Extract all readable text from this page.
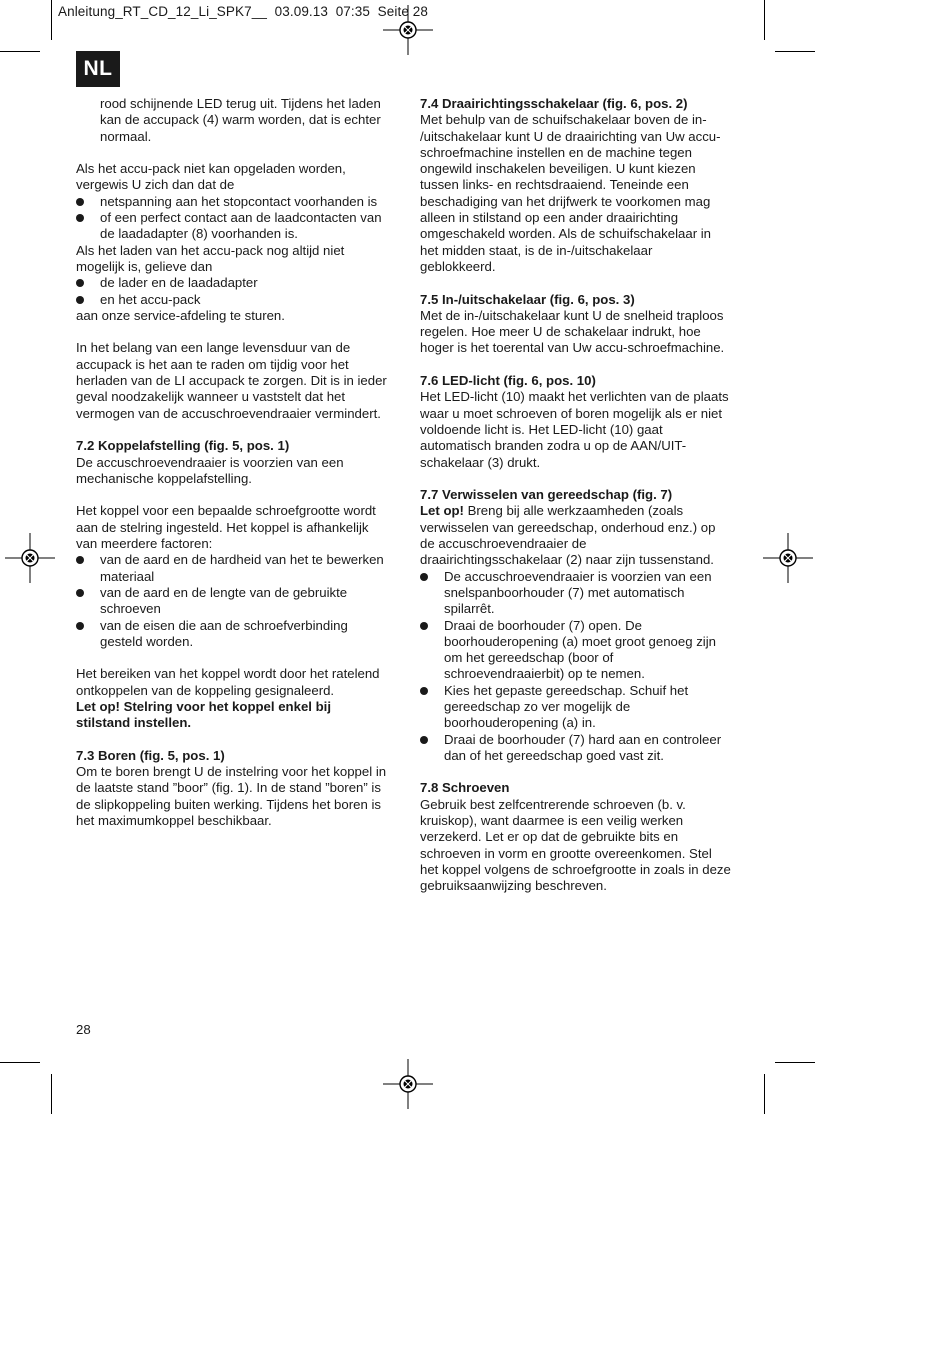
Anleitung_RT_CD_12_Li_SPK7__  03.09.13  07:35  Seite 28
NL

rood schijnende LED terug uit. Tijdens het laden

kan de accupack (4) warm worden, dat is echter

normaal.

Als het accu-pack niet kan opgeladen worden,

vergewis U zich dan dat de

netspanning aan het stopcontact voorhanden is

of een perfect contact aan de laadcontacten van

de laadadapter (8) voorhanden is.

Als het laden van het accu-pack nog altijd niet

mogelijk is, gelieve dan

de lader en de laadadapter

en het accu-pack

aan onze service-afdeling te sturen.

In het belang van een lange levensduur van de

accupack is het aan te raden om tijdig voor het

herladen van de LI accupack te zorgen. Dit is in ieder

geval noodzakelijk wanneer u vaststelt dat het

vermogen van de accuschroevendraaier vermindert.

7.2 Koppelafstelling (fig. 5, pos. 1)

De accuschroevendraaier is voorzien van een

mechanische koppelafstelling.

Het koppel voor een bepaalde schroefgrootte wordt

aan de stelring ingesteld. Het koppel is afhankelijk

van meerdere factoren:

van de aard en de hardheid van het te bewerken

materiaal

van de aard en de lengte van de gebruikte

schroeven

van de eisen die aan de schroefverbinding

gesteld worden.

Het bereiken van het koppel wordt door het ratelend

ontkoppelen van de koppeling gesignaleerd.

Let op! Stelring voor het koppel enkel bij

stilstand instellen.

7.3 Boren (fig. 5, pos. 1)

Om te boren brengt U de instelring voor het koppel in

de laatste stand ”boor” (fig. 1). In de stand ”boren” is

de slipkoppeling buiten werking. Tijdens het boren is

het maximumkoppel beschikbaar.

7.4 Draairichtingsschakelaar (fig. 6, pos. 2)

Met behulp van de schuifschakelaar boven de in-

/uitschakelaar kunt U de draairichting van Uw accu-

schroefmachine instellen en de machine tegen

ongewild inschakelen beveiligen. U kunt kiezen

tussen links- en rechtsdraaiend. Teneinde een

beschadiging van het drijfwerk te voorkomen mag

alleen in stilstand op een ander draairichting

omgeschakeld worden. Als de schuifschakelaar in

het midden staat, is de in-/uitschakelaar

geblokkeerd.

7.5 In-/uitschakelaar (fig. 6, pos. 3)

Met de in-/uitschakelaar kunt U de snelheid traploos

regelen. Hoe meer U de schakelaar indrukt, hoe

hoger is het toerental van Uw accu-schroefmachine.

7.6 LED-licht (fig. 6, pos. 10)

Het LED-licht (10) maakt het verlichten van de plaats

waar u moet schroeven of boren mogelijk als er niet

voldoende licht is. Het LED-licht (10) gaat

automatisch branden zodra u op de AAN/UIT-

schakelaar (3) drukt.

7.7 Verwisselen van gereedschap (fig. 7)

Let op! Breng bij alle werkzaamheden (zoals

verwisselen van gereedschap, onderhoud enz.) op

de accuschroevendraaier de

draairichtingsschakelaar (2) naar zijn tussenstand.

De accuschroevendraaier is voorzien van een

snelspanboorhouder (7) met automatisch

spilarrêt.

Draai de boorhouder (7) open. De

boorhouderopening (a) moet groot genoeg zijn

om het gereedschap (boor of

schroevendraaierbit) op te nemen.

Kies het gepaste gereedschap. Schuif het

gereedschap zo ver mogelijk de

boorhouderopening (a) in.

Draai de boorhouder (7) hard aan en controleer

dan of het gereedschap goed vast zit.

7.8 Schroeven

Gebruik best zelfcentrerende schroeven (b. v.

kruiskop), want daarmee is een veilig werken

verzekerd. Let er op dat de gebruikte bits en

schroeven in vorm en grootte overeenkomen. Stel

het koppel volgens de schroefgrootte in zoals in deze

gebruiksaanwijzing beschreven.

28
